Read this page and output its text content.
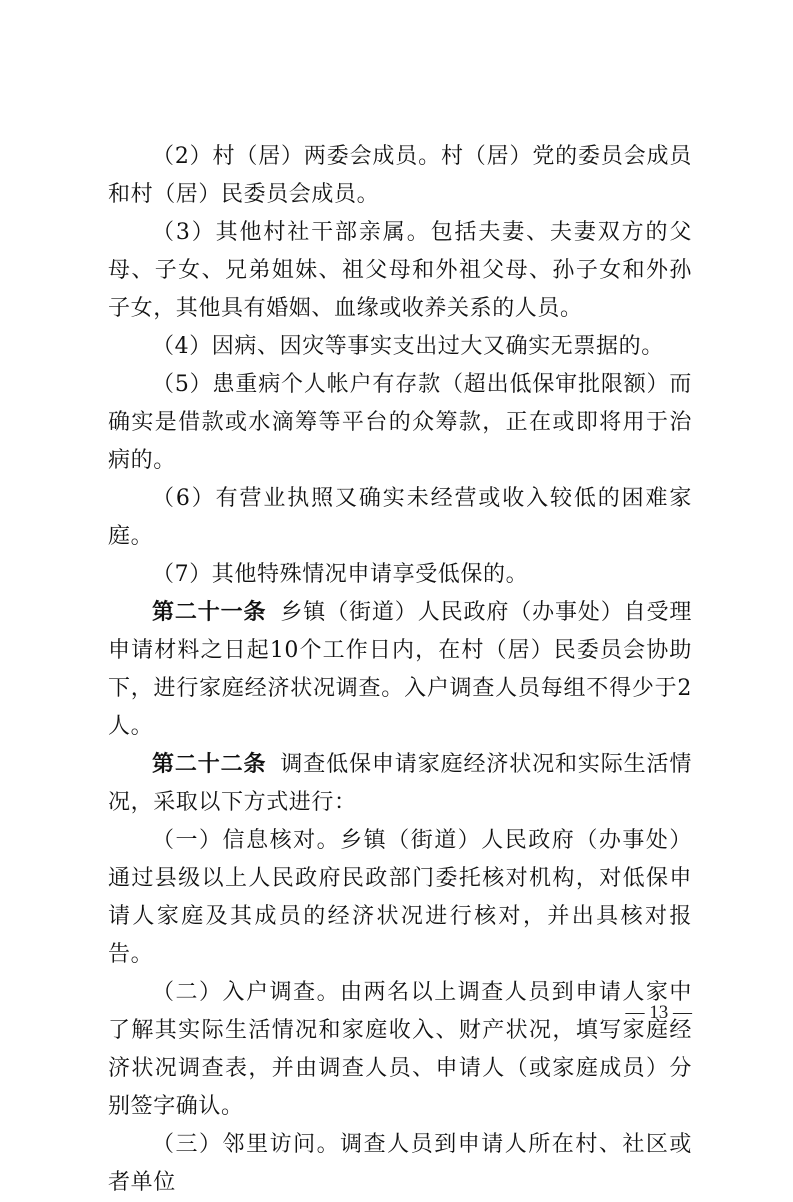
（2）村（居）两委会成员。村（居）党的委员会成员和村（居）民委员会成员。

（3）其他村社干部亲属。包括夫妻、夫妻双方的父母、子女、兄弟姐妹、祖父母和外祖父母、孙子女和外孙子女，其他具有婚姻、血缘或收养关系的人员。

（4）因病、因灾等事实支出过大又确实无票据的。

（5）患重病个人帐户有存款（超出低保审批限额）而确实是借款或水滴筹等平台的众筹款，正在或即将用于治病的。

（6）有营业执照又确实未经营或收入较低的困难家庭。

（7）其他特殊情况申请享受低保的。

第二十一条 乡镇（街道）人民政府（办事处）自受理申请材料之日起10个工作日内，在村（居）民委员会协助下，进行家庭经济状况调查。入户调查人员每组不得少于2人。

第二十二条 调查低保申请家庭经济状况和实际生活情况，采取以下方式进行：

（一）信息核对。乡镇（街道）人民政府（办事处）通过县级以上人民政府民政部门委托核对机构，对低保申请人家庭及其成员的经济状况进行核对，并出具核对报告。

（二）入户调查。由两名以上调查人员到申请人家中了解其实际生活情况和家庭收入、财产状况，填写家庭经济状况调查表，并由调查人员、申请人（或家庭成员）分别签字确认。

（三）邻里访问。调查人员到申请人所在村、社区或者单位

— 13 —
